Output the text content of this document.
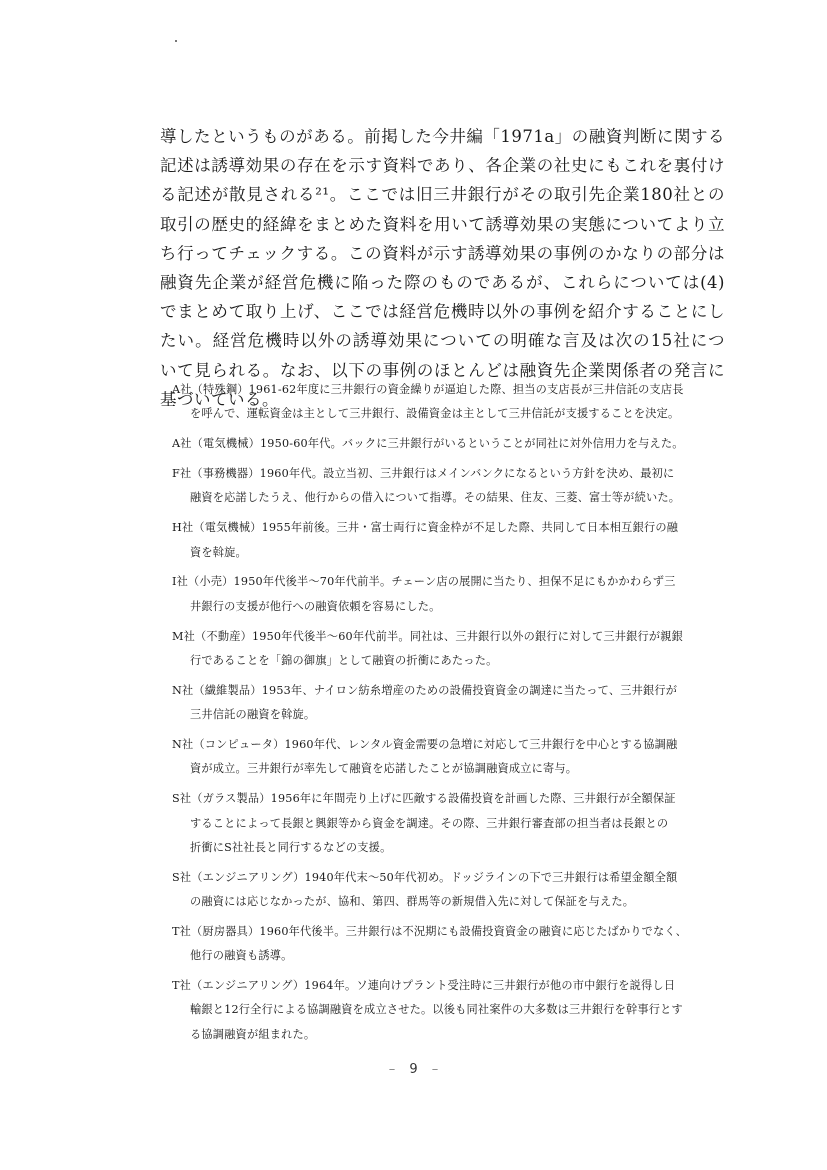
導したというものがある。前掲した今井編「1971a」の融資判断に関する記述は誘導効果の存在を示す資料であり、各企業の社史にもこれを裏付ける記述が散見される²¹。ここでは旧三井銀行がその取引先企業180社との取引の歴史的経緯をまとめた資料を用いて誘導効果の実態についてより立ち行ってチェックする。この資料が示す誘導効果の事例のかなりの部分は融資先企業が経営危機に陥った際のものであるが、これらについては(4)でまとめて取り上げ、ここでは経営危機時以外の事例を紹介することにしたい。経営危機時以外の誘導効果についての明確な言及は次の15社について見られる。なお、以下の事例のほとんどは融資先企業関係者の発言に基づいている。

A社（特殊鋼）1961-62年度に三井銀行の資金繰りが逼迫した際、担当の支店長が三井信託の支店長
を呼んで、運転資金は主として三井銀行、設備資金は主として三井信託が支援することを決定。
A社（電気機械）1950-60年代。バックに三井銀行がいるということが同社に対外信用力を与えた。
F社（事務機器）1960年代。設立当初、三井銀行はメインバンクになるという方針を決め、最初に
融資を応諾したうえ、他行からの借入について指導。その結果、住友、三菱、富士等が続いた。
H社（電気機械）1955年前後。三井・富士両行に資金枠が不足した際、共同して日本相互銀行の融
資を斡旋。
I社（小売）1950年代後半〜70年代前半。チェーン店の展開に当たり、担保不足にもかかわらず三
井銀行の支援が他行への融資依頼を容易にした。
M社（不動産）1950年代後半〜60年代前半。同社は、三井銀行以外の銀行に対して三井銀行が親銀
行であることを「錦の御旗」として融資の折衝にあたった。
N社（繊維製品）1953年、ナイロン紡糸増産のための設備投資資金の調達に当たって、三井銀行が
三井信託の融資を斡旋。
N社（コンピュータ）1960年代、レンタル資金需要の急増に対応して三井銀行を中心とする協調融
資が成立。三井銀行が率先して融資を応諾したことが協調融資成立に寄与。
S社（ガラス製品）1956年に年間売り上げに匹敵する設備投資を計画した際、三井銀行が全額保証
することによって長銀と興銀等から資金を調達。その際、三井銀行審査部の担当者は長銀との
折衝にS社社長と同行するなどの支援。
S社（エンジニアリング）1940年代末〜50年代初め。ドッジラインの下で三井銀行は希望金額全額
の融資には応じなかったが、協和、第四、群馬等の新規借入先に対して保証を与えた。
T社（厨房器具）1960年代後半。三井銀行は不況期にも設備投資資金の融資に応じたばかりでなく、
他行の融資も誘導。
T社（エンジニアリング）1964年。ソ連向けプラント受注時に三井銀行が他の市中銀行を説得し日
輸銀と12行全行による協調融資を成立させた。以後も同社案件の大多数は三井銀行を幹事行とす
る協調融資が組まれた。
– 9 –
